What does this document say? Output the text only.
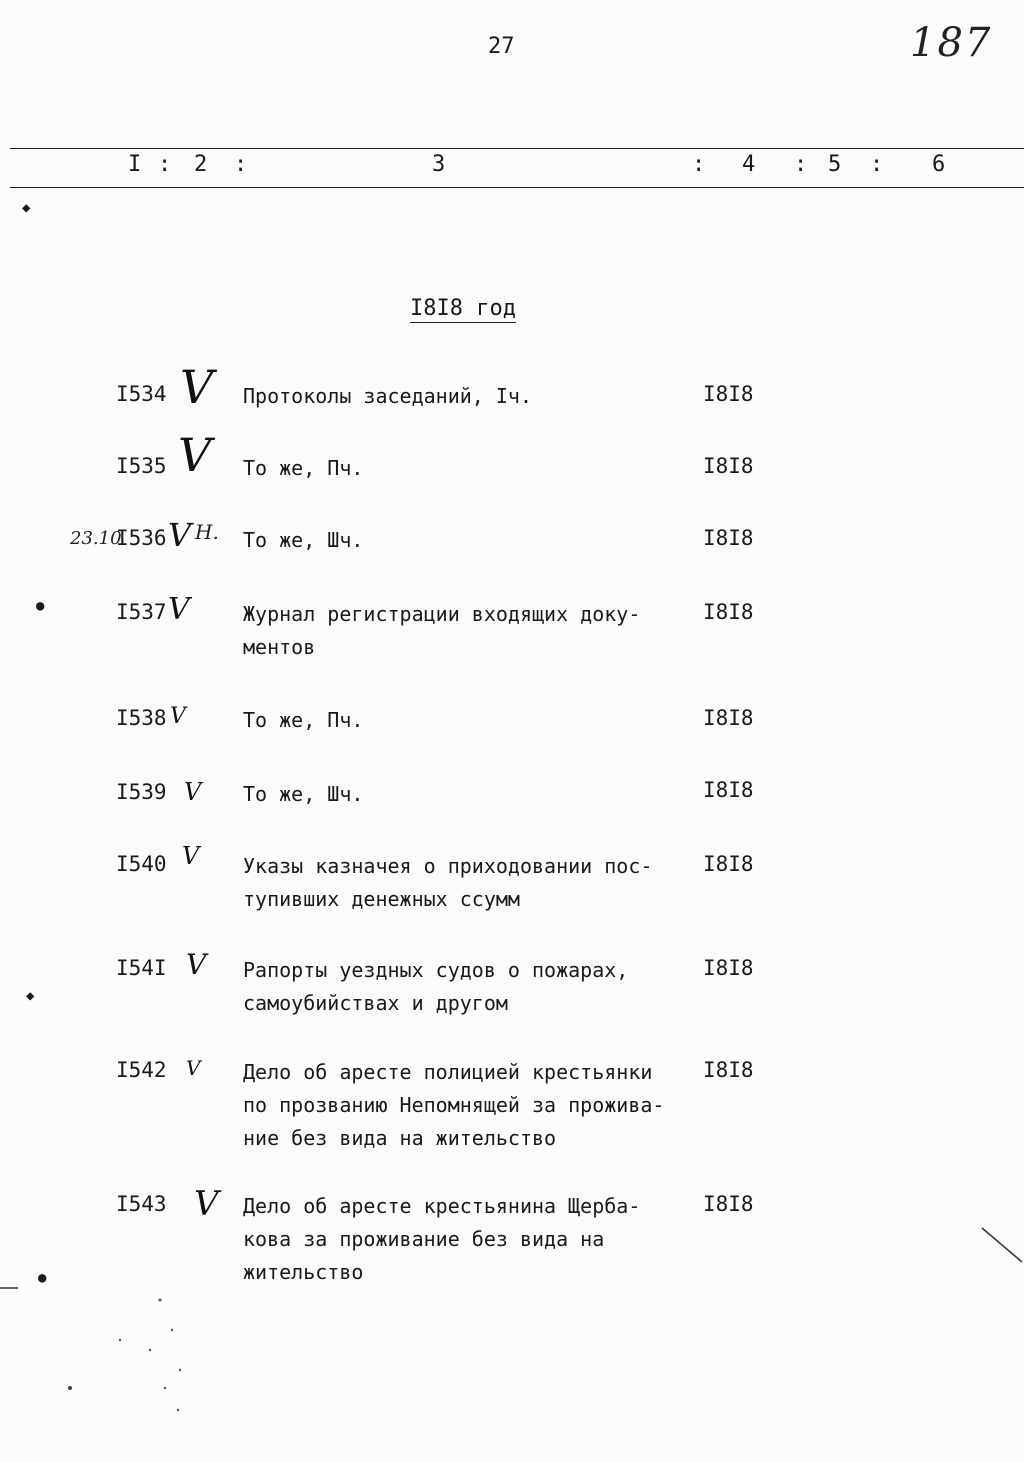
27	187
I : 2 :	3	: 4 : 5 : 6
I8I8 год
23.10	Н.
◆
●
◆
●
I534 V Протоколы заседаний, Iч.	I8I8
I535 V То же, Пч.	I8I8
I536 V	То же, Шч.	I8I8
I537 V	Журнал регистрации входящих доку-
ментов
I8I8
I538 V	То же, Пч.	I8I8
I539 V То же, Шч.	I8I8
I540 V Указы казначея о приходовании пос-
тупивших денежных ссумм
I8I8
I54I V Рапорты уездных судов о пожарах,
самоубийствах и другом
I8I8
I542 V Дело об аресте полицией крестьянки
по прозванию Непомнящей за прожива-
ние без вида на жительство
I8I8
I543 V Дело об аресте крестьянина Щерба-
кова за проживание без вида на
жительство
I8I8
